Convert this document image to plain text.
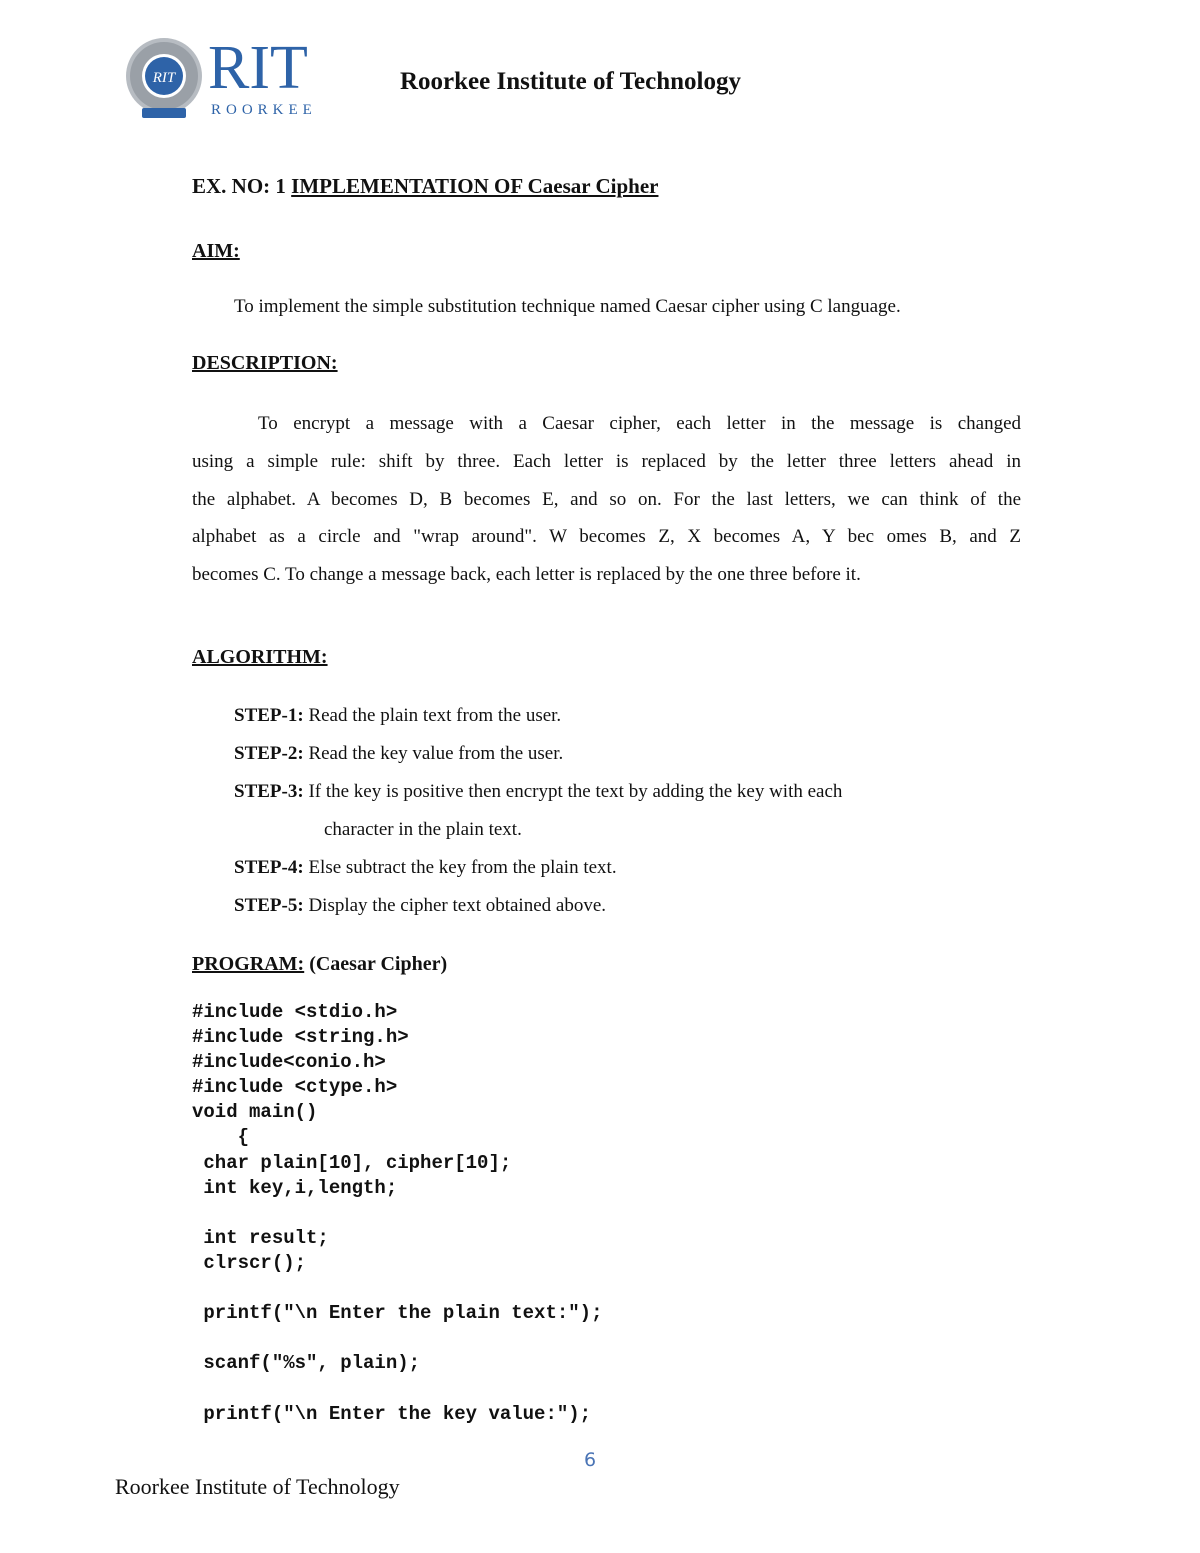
RIT RIT
ROORKEE
Roorkee Institute of Technology

EX. NO: 1 IMPLEMENTATION OF Caesar Cipher

AIM:

To implement the simple substitution technique named Caesar cipher using C language.

DESCRIPTION:

To encrypt a message with a Caesar cipher, each letter in the message is changed
using a simple rule: shift by three. Each letter is replaced by the letter three letters ahead in
the alphabet. A becomes D, B becomes E, and so on. For the last letters, we can think of the
alphabet as a circle and "wrap around". W becomes Z, X becomes A, Y bec omes B, and Z
becomes C. To change a message back, each letter is replaced by the one three before it.

ALGORITHM:

STEP-1: Read the plain text from the user.
STEP-2: Read the key value from the user.
STEP-3: If the key is positive then encrypt the text by adding the key with each
character in the plain text.
STEP-4: Else subtract the key from the plain text.
STEP-5: Display the cipher text obtained above.

PROGRAM: (Caesar Cipher)

#include <stdio.h>
#include <string.h>
#include<conio.h>
#include <ctype.h>
void main()
{
char plain[10], cipher[10];
int key,i,length;

int result;
clrscr();

printf("\n Enter the plain text:");

scanf("%s", plain);

printf("\n Enter the key value:");

6

Roorkee Institute of Technology
